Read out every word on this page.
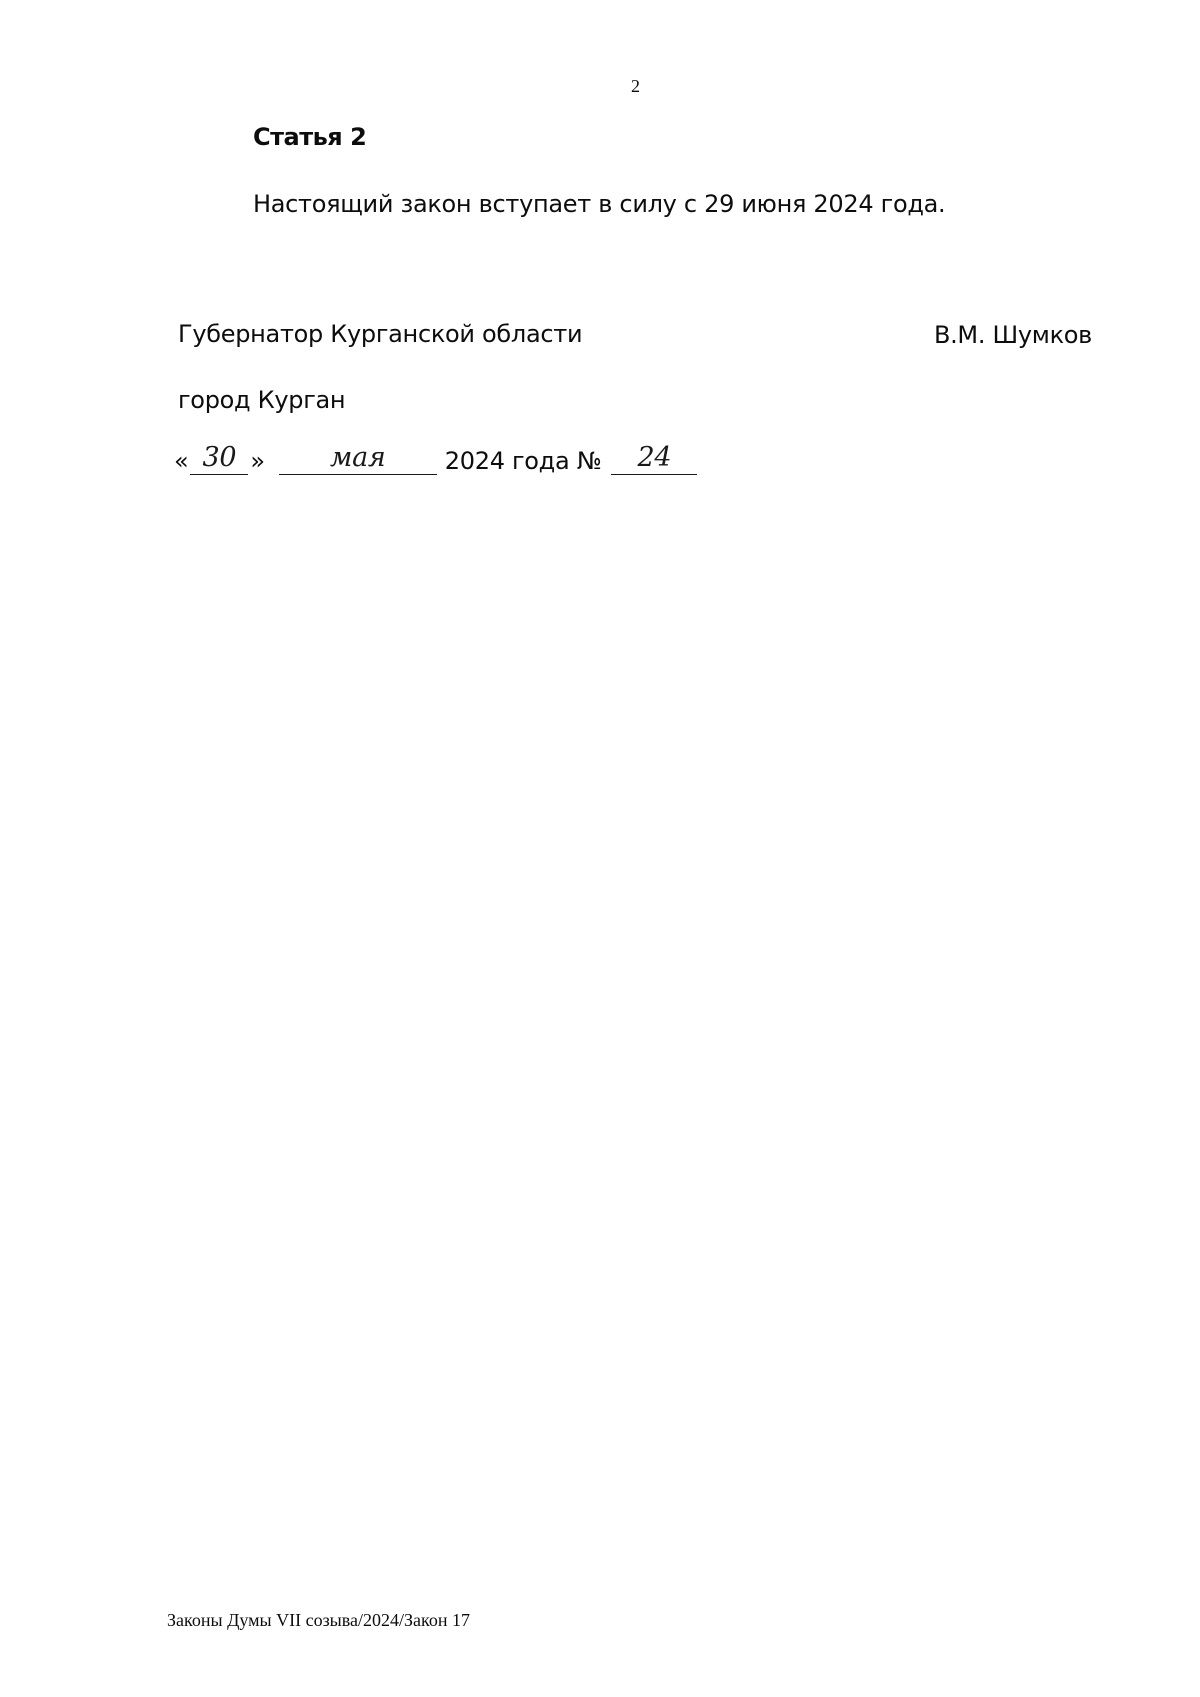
2
Статья 2
Настоящий закон вступает в силу с 29 июня 2024 года.
Губернатор Курганской области	В.М. Шумков
город Курган
« 30 »	мая	2024 года №	24
Законы Думы VII созыва/2024/Закон 17
